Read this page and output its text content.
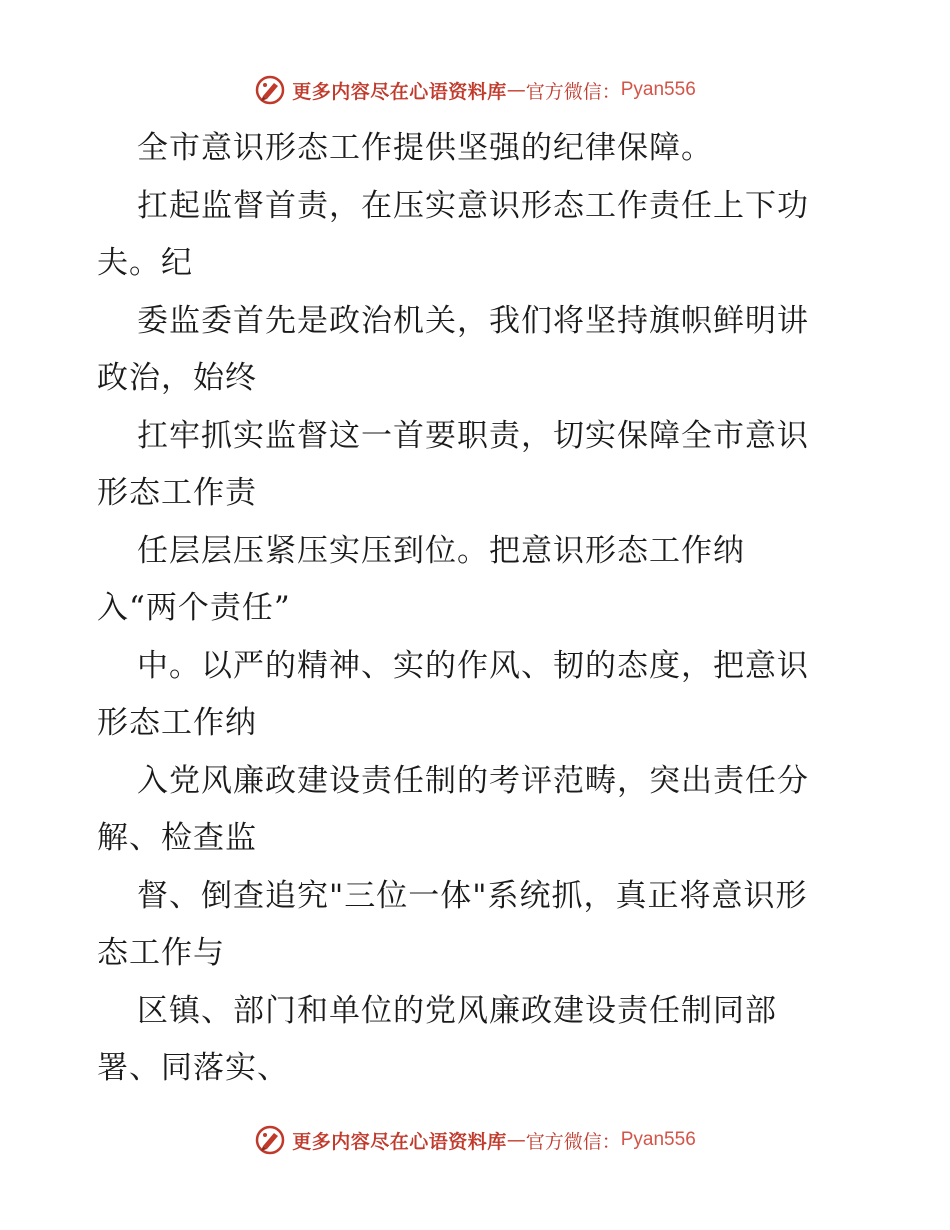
更多内容尽在心语资料库 — 官方微信： Pyan556
全市意识形态工作提供坚强的纪律保障。
扛起监督首责，在压实意识形态工作责任上下功
夫。纪
委监委首先是政治机关，我们将坚持旗帜鲜明讲
政治，始终
扛牢抓实监督这一首要职责，切实保障全市意识
形态工作责
任层层压紧压实压到位。把意识形态工作纳
入“两个责任”
中。以严的精神、实的作风、韧的态度，把意识
形态工作纳
入党风廉政建设责任制的考评范畴，突出责任分
解、检查监
督、倒查追究"三位一体"系统抓，真正将意识形
态工作与
区镇、部门和单位的党风廉政建设责任制同部
署、同落实、
更多内容尽在心语资料库 — 官方微信： Pyan556
